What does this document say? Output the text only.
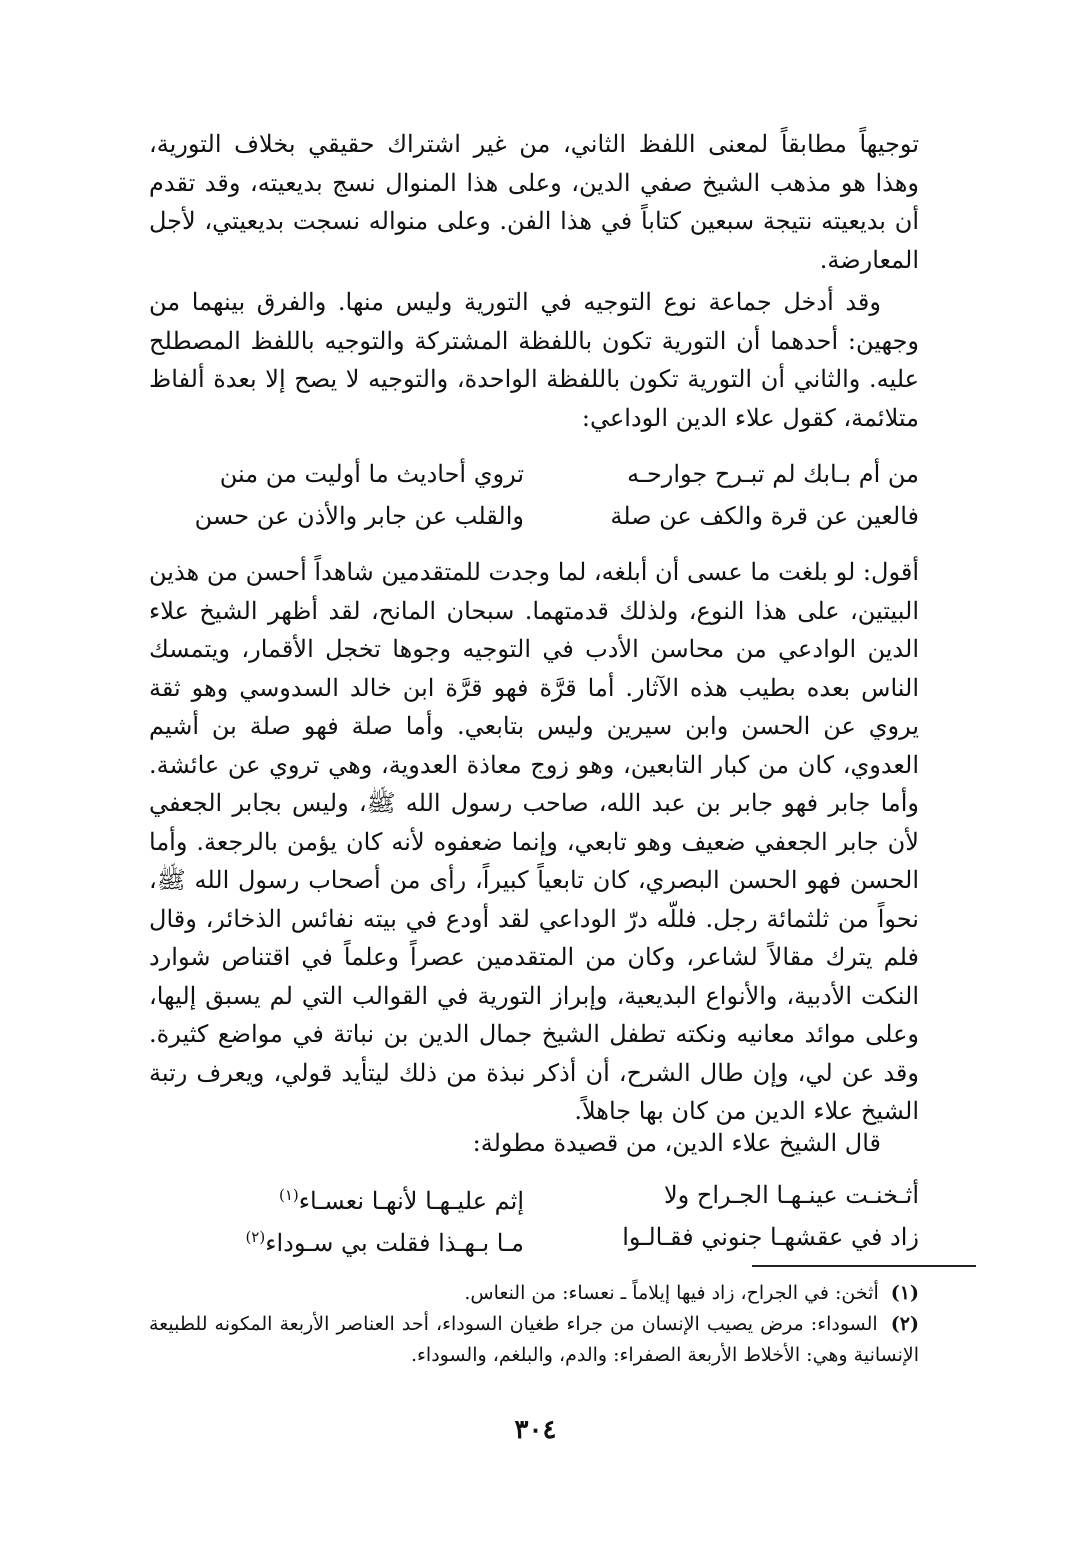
توجيهاً مطابقاً لمعنى اللفظ الثاني، من غير اشتراك حقيقي بخلاف التورية، وهذا هو مذهب الشيخ صفي الدين، وعلى هذا المنوال نسج بديعيته، وقد تقدم أن بديعيته نتيجة سبعين كتاباً في هذا الفن. وعلى منواله نسجت بديعيتي، لأجل المعارضة.

وقد أدخل جماعة نوع التوجيه في التورية وليس منها. والفرق بينهما من وجهين: أحدهما أن التورية تكون باللفظة المشتركة والتوجيه باللفظ المصطلح عليه. والثاني أن التورية تكون باللفظة الواحدة، والتوجيه لا يصح إلا بعدة ألفاظ متلائمة، كقول علاء الدين الوداعي:

من أم بـابك لم تبـرح جوارحـه
تروي أحاديث ما أوليت من منن
فالعين عن قرة والكف عن صلة
والقلب عن جابر والأذن عن حسن

أقول: لو بلغت ما عسى أن أبلغه، لما وجدت للمتقدمين شاهداً أحسن من هذين البيتين، على هذا النوع، ولذلك قدمتهما. سبحان المانح، لقد أظهر الشيخ علاء الدين الوادعي من محاسن الأدب في التوجيه وجوها تخجل الأقمار، ويتمسك الناس بعده بطيب هذه الآثار. أما قرَّة فهو قرَّة ابن خالد السدوسي وهو ثقة يروي عن الحسن وابن سيرين وليس بتابعي. وأما صلة فهو صلة بن أشيم العدوي، كان من كبار التابعين، وهو زوج معاذة العدوية، وهي تروي عن عائشة. وأما جابر فهو جابر بن عبد الله، صاحب رسول الله ﷺ، وليس بجابر الجعفي لأن جابر الجعفي ضعيف وهو تابعي، وإنما ضعفوه لأنه كان يؤمن بالرجعة. وأما الحسن فهو الحسن البصري، كان تابعياً كبيراً، رأى من أصحاب رسول الله ﷺ، نحواً من ثلثمائة رجل. فللّه درّ الوداعي لقد أودع في بيته نفائس الذخائر، وقال فلم يترك مقالاً لشاعر، وكان من المتقدمين عصراً وعلماً في اقتناص شوارد النكت الأدبية، والأنواع البديعية، وإبراز التورية في القوالب التي لم يسبق إليها، وعلى موائد معانيه ونكته تطفل الشيخ جمال الدين بن نباتة في مواضع كثيرة. وقد عن لي، وإن طال الشرح، أن أذكر نبذة من ذلك ليتأيد قولي، ويعرف رتبة الشيخ علاء الدين من كان بها جاهلاً.

قال الشيخ علاء الدين، من قصيدة مطولة:

أثـخنـت عينـهـا الجـراح ولا
إثم عليـهـا لأنهـا نعسـاء$^{(١)}$
زاد في عقشهـا جنوني فقـالـوا
مـا بـهـذا فقلت بي سـوداء$^{(٢)}$

(١) أثخن: في الجراح، زاد فيها إيلاماً ـ نعساء: من النعاس.

(٢) السوداء: مرض يصيب الإنسان من جراء طغيان السوداء، أحد العناصر الأربعة المكونه للطبيعة الإنسانية وهي: الأخلاط الأربعة الصفراء: والدم، والبلغم، والسوداء.

٣٠٤
